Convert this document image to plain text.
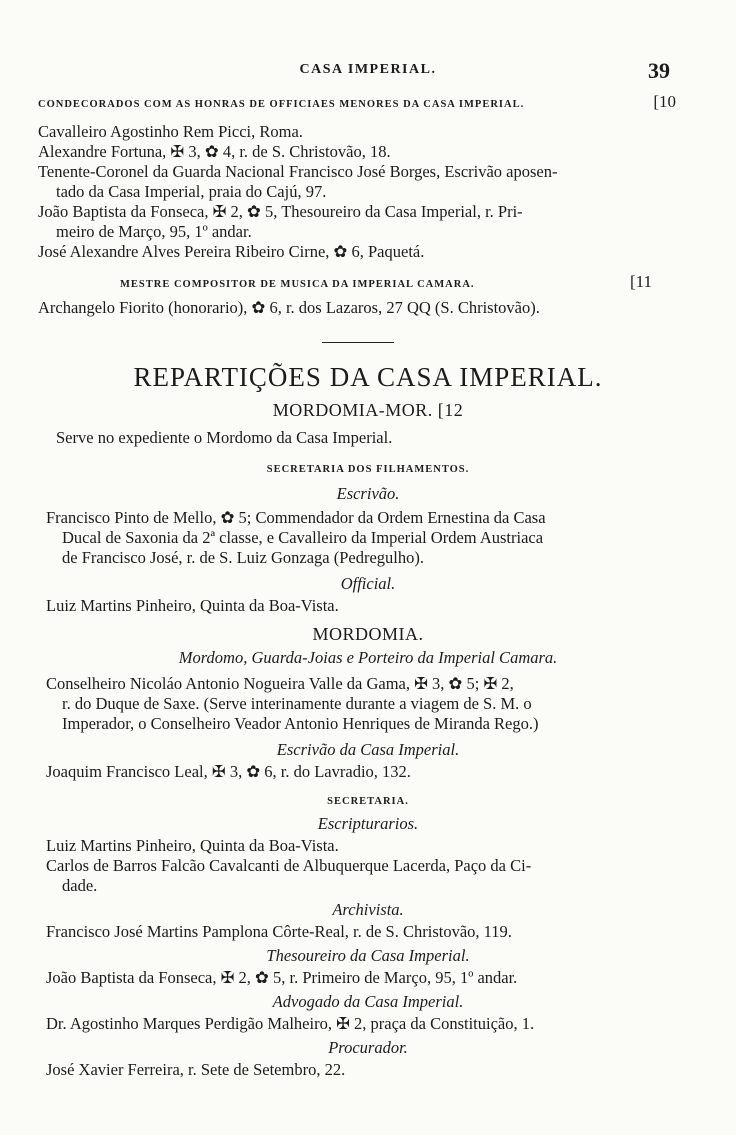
CASA IMPERIAL.	39
CONDECORADOS COM AS HONRAS DE OFFICIAES MENORES DA CASA IMPERIAL.	[10
Cavalleiro Agostinho Rem Picci, Roma.
Alexandre Fortuna, ✠ 3, ✿ 4, r. de S. Christovão, 18.
Tenente-Coronel da Guarda Nacional Francisco José Borges, Escrivão aposen-
tado da Casa Imperial, praia do Cajú, 97.
João Baptista da Fonseca, ✠ 2, ✿ 5, Thesoureiro da Casa Imperial, r. Pri-
meiro de Março, 95, 1º andar.
José Alexandre Alves Pereira Ribeiro Cirne, ✿ 6, Paquetá.
MESTRE COMPOSITOR DE MUSICA DA IMPERIAL CAMARA.	[11
Archangelo Fiorito (honorario), ✿ 6, r. dos Lazaros, 27 QQ (S. Christovão).
REPARTIÇÕES DA CASA IMPERIAL.
MORDOMIA-MOR. [12
Serve no expediente o Mordomo da Casa Imperial.
SECRETARIA DOS FILHAMENTOS.
Escrivão.
Francisco Pinto de Mello, ✿ 5; Commendador da Ordem Ernestina da Casa
Ducal de Saxonia da 2ª classe, e Cavalleiro da Imperial Ordem Austriaca
de Francisco José, r. de S. Luiz Gonzaga (Pedregulho).
Official.
Luiz Martins Pinheiro, Quinta da Boa-Vista.
MORDOMIA.
Mordomo, Guarda-Joias e Porteiro da Imperial Camara.
Conselheiro Nicoláo Antonio Nogueira Valle da Gama, ✠ 3, ✿ 5; ✠ 2,
r. do Duque de Saxe. (Serve interinamente durante a viagem de S. M. o
Imperador, o Conselheiro Veador Antonio Henriques de Miranda Rego.)
Escrivão da Casa Imperial.
Joaquim Francisco Leal, ✠ 3, ✿ 6, r. do Lavradio, 132.
SECRETARIA.
Escripturarios.
Luiz Martins Pinheiro, Quinta da Boa-Vista.
Carlos de Barros Falcão Cavalcanti de Albuquerque Lacerda, Paço da Ci-
dade.
Archivista.
Francisco José Martins Pamplona Côrte-Real, r. de S. Christovão, 119.
Thesoureiro da Casa Imperial.
João Baptista da Fonseca, ✠ 2, ✿ 5, r. Primeiro de Março, 95, 1º andar.
Advogado da Casa Imperial.
Dr. Agostinho Marques Perdigão Malheiro, ✠ 2, praça da Constituição, 1.
Procurador.
José Xavier Ferreira, r. Sete de Setembro, 22.
